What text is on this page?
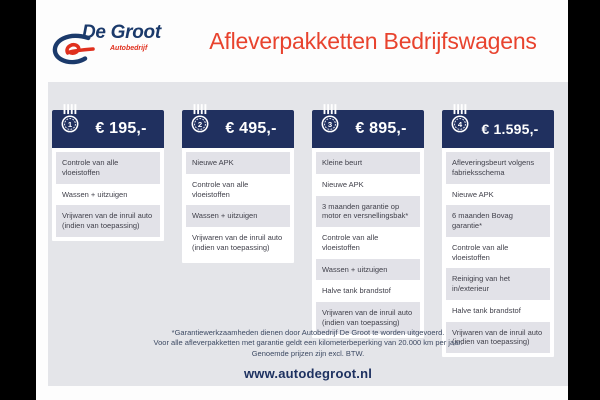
De Groot
Autobedrijf	Afleverpakketten Bedrijfswagens
1	€ 195,-
Controle van alle vloeistoffen
Wassen + uitzuigen
Vrijwaren van de inruil auto (indien van toepassing)
2	€ 495,-
Nieuwe APK
Controle van alle vloeistoffen
Wassen + uitzuigen
Vrijwaren van de inruil auto (indien van toepassing)
3	€ 895,-
Kleine beurt
Nieuwe APK
3 maanden garantie op motor en versnellingsbak*
Controle van alle vloeistoffen
Wassen + uitzuigen
Halve tank brandstof
Vrijwaren van de inruil auto (indien van toepassing)
4	€ 1.595,-
Afleveringsbeurt volgens fabrieksschema
Nieuwe APK
6 maanden Bovag garantie*
Controle van alle vloeistoffen
Reiniging van het in/exterieur
Halve tank brandstof
Vrijwaren van de inruil auto (indien van toepassing)
*Garantiewerkzaamheden dienen door Autobedrijf De Groot te worden uitgevoerd.
Voor alle afleverpakketten met garantie geldt een kilometerbeperking van 20.000 km per jaar.
Genoemde prijzen zijn excl. BTW.
www.autodegroot.nl
